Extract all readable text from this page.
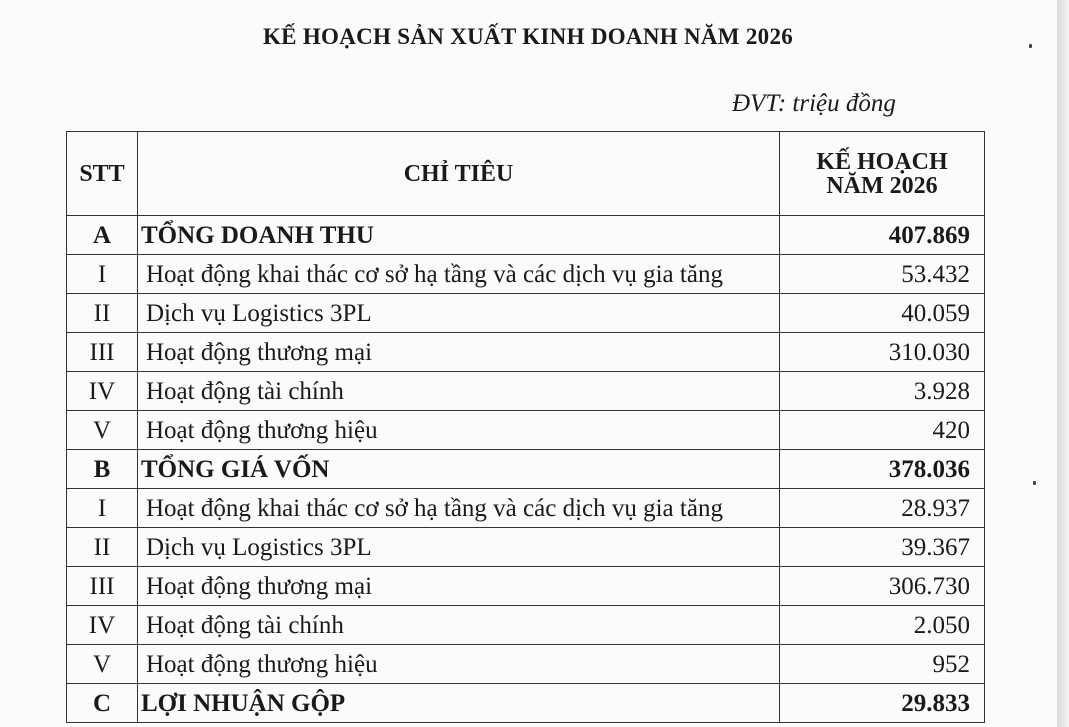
KẾ HOẠCH SẢN XUẤT KINH DOANH NĂM 2026
ĐVT: triệu đồng
STT	CHỈ TIÊU	KẾ HOẠCH
NĂM 2026
A	TỔNG DOANH THU	407.869
I	Hoạt động khai thác cơ sở hạ tầng và các dịch vụ gia tăng	53.432
II	Dịch vụ Logistics 3PL	40.059
III	Hoạt động thương mại	310.030
IV	Hoạt động tài chính	3.928
V	Hoạt động thương hiệu	420
B	TỔNG GIÁ VỐN	378.036
I	Hoạt động khai thác cơ sở hạ tầng và các dịch vụ gia tăng	28.937
II	Dịch vụ Logistics 3PL	39.367
III	Hoạt động thương mại	306.730
IV	Hoạt động tài chính	2.050
V	Hoạt động thương hiệu	952
C	LỢI NHUẬN GỘP	29.833
